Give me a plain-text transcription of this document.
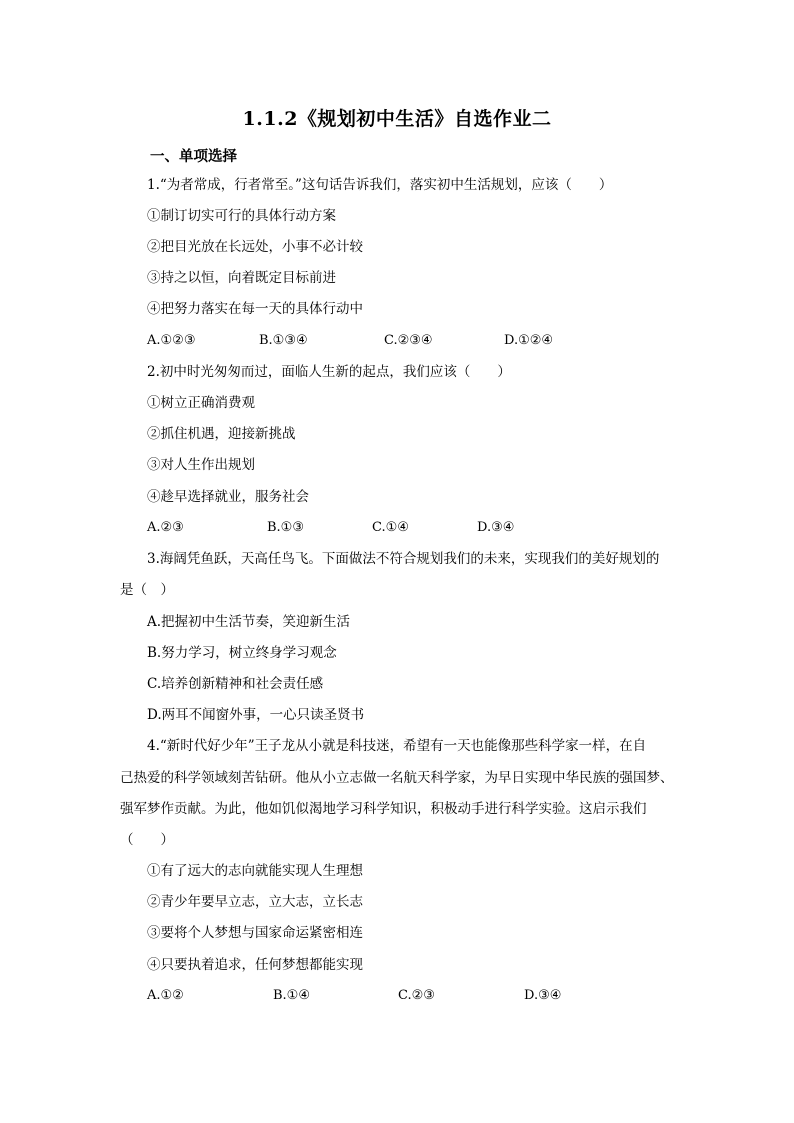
1.1.2《规划初中生活》自选作业二
一、单项选择
1.“为者常成，行者常至。”这句话告诉我们，落实初中生活规划，应该（　　）
①制订切实可行的具体行动方案
②把目光放在长远处，小事不必计较
③持之以恒，向着既定目标前进
④把努力落实在每一天的具体行动中
A.①②③	B.①③④	C.②③④	D.①②④
2.初中时光匆匆而过，面临人生新的起点，我们应该（　　）
①树立正确消费观
②抓住机遇，迎接新挑战
③对人生作出规划
④趁早选择就业，服务社会
A.②③	B.①③	C.①④	D.③④
3.海阔凭鱼跃，天高任鸟飞。下面做法不符合规划我们的未来，实现我们的美好规划的
是（　）
A.把握初中生活节奏，笑迎新生活
B.努力学习，树立终身学习观念
C.培养创新精神和社会责任感
D.两耳不闻窗外事，一心只读圣贤书
4.“新时代好少年”王子龙从小就是科技迷，希望有一天也能像那些科学家一样，在自
己热爱的科学领域刻苦钻研。他从小立志做一名航天科学家，为早日实现中华民族的强国梦、
强军梦作贡献。为此，他如饥似渴地学习科学知识，积极动手进行科学实验。这启示我们
（　　）
①有了远大的志向就能实现人生理想
②青少年要早立志，立大志，立长志
③要将个人梦想与国家命运紧密相连
④只要执着追求，任何梦想都能实现
A.①②	B.①④	C.②③	D.③④
